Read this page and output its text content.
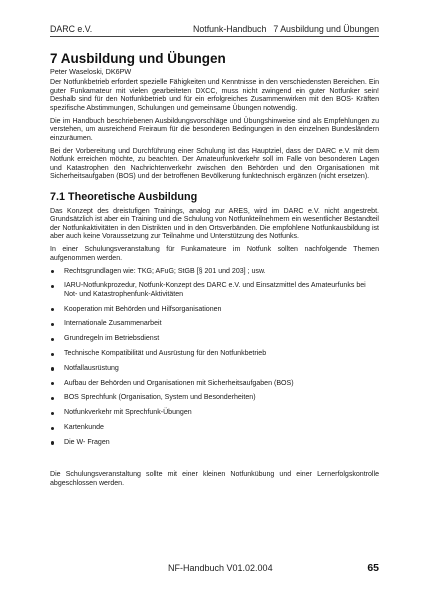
DARC e.V.	Notfunk-Handbuch 7 Ausbildung und Übungen
7 Ausbildung und Übungen
Peter Waseloski, DK6PW

Der Notfunkbetrieb erfordert spezielle Fähigkeiten und Kenntnisse in den verschiedensten Bereichen. Ein guter Funkamateur mit vielen gearbeiteten DXCC, muss nicht zwingend ein guter Notfunker sein! Deshalb sind für den Notfunkbetrieb und für ein erfolgreiches Zusammenwirken mit den BOS- Kräften spezifische Abstimmungen, Schulungen und gemeinsame Übungen notwendig.

Die im Handbuch beschriebenen Ausbildungsvorschläge und Übungshinweise sind als Empfehlungen zu verstehen, um ausreichend Freiraum für die besonderen Bedingungen in den einzelnen Bundesländern einzuräumen.

Bei der Vorbereitung und Durchführung einer Schulung ist das Hauptziel, dass der DARC e.V. mit dem Notfunk erreichen möchte, zu beachten. Der Amateurfunkverkehr soll im Falle von besonderen Lagen und Katastrophen den Nachrichtenverkehr zwischen den Behörden und den Organisationen mit Sicherheitsaufgaben (BOS) und der betroffenen Bevölkerung funktechnisch ergänzen (nicht ersetzen).

7.1 Theoretische Ausbildung

Das Konzept des dreistufigen Trainings, analog zur ARES, wird im DARC e.V. nicht angestrebt. Grundsätzlich ist aber ein Training und die Schulung von Notfunkteilnehmern ein wesentlicher Bestandteil der Notfunkaktivitäten in den Distrikten und in den Ortsverbänden. Die empfohlene Notfunkausbildung ist aber auch keine Voraussetzung zur Teilnahme und Unterstützung des Notfunks.

In einer Schulungsveranstaltung für Funkamateure im Notfunk sollten nachfolgende Themen aufgenommen werden.

Rechtsgrundlagen wie: TKG; AFuG; StGB [§ 201 und 203] ; usw.
IARU-Notfunkprozedur, Notfunk-Konzept des DARC e.V. und Einsatzmittel des Amateurfunks bei Not- und Katastrophenfunk-Aktivitäten
Kooperation mit Behörden und Hilfsorganisationen
Internationale Zusammenarbeit
Grundregeln im Betriebsdienst
Technische Kompatibilität und Ausrüstung für den Notfunkbetrieb
Notfallausrüstung
Aufbau der Behörden und Organisationen mit Sicherheitsaufgaben (BOS)
BOS Sprechfunk (Organisation, System und Besonderheiten)
Notfunkverkehr mit Sprechfunk-Übungen
Kartenkunde
Die W- Fragen

Die Schulungsveranstaltung sollte mit einer kleinen Notfunkübung und einer Lernerfolgskontrolle abgeschlossen werden.

NF-Handbuch V01.02.004	65
